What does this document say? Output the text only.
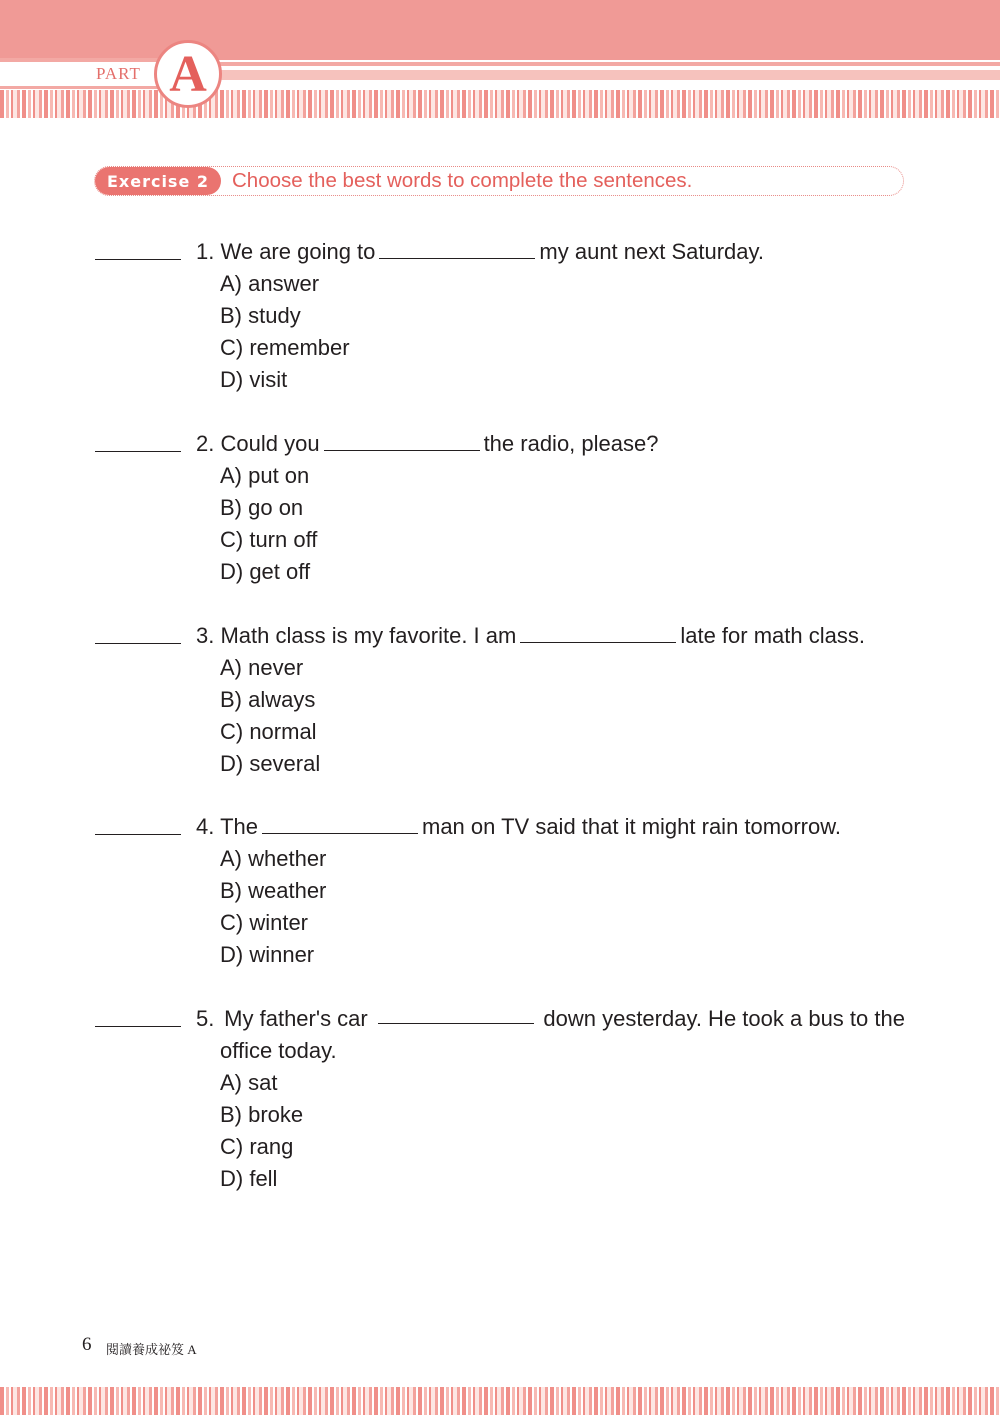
PART A
Exercise 2	Choose the best words to complete the sentences.
1. We are going to	my aunt next Saturday.
A) answer
B) study
C) remember
D) visit
2. Could you	the radio, please?
A) put on
B) go on
C) turn off
D) get off
3. Math class is my favorite. I am	late for math class.
A) never
B) always
C) normal
D) several
4. The	man on TV said that it might rain tomorrow.
A) whether
B) weather
C) winter
D) winner
5. My father's car	down yesterday. He took a bus to the
office today.
A) sat
B) broke
C) rang
D) fell
6 閱讀養成祕笈 A
